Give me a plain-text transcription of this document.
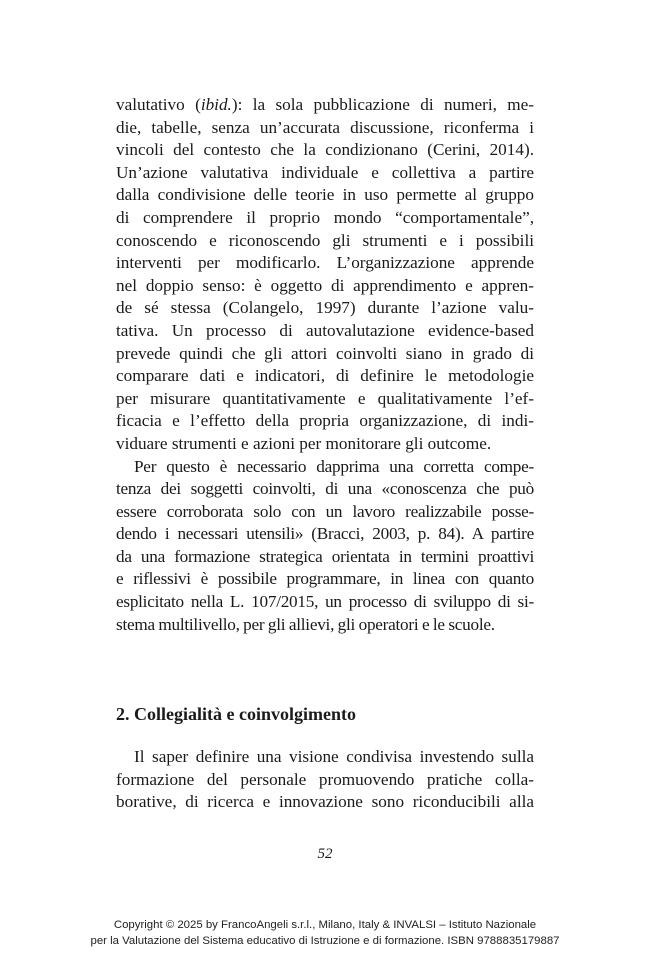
valutativo (ibid.): la sola pubblicazione di numeri, me-
die, tabelle, senza un’accurata discussione, riconferma i
vincoli del contesto che la condizionano (Cerini, 2014).
Un’azione valutativa individuale e collettiva a partire
dalla condivisione delle teorie in uso permette al gruppo
di comprendere il proprio mondo “comportamentale”,
conoscendo e riconoscendo gli strumenti e i possibili
interventi per modificarlo. L’organizzazione apprende
nel doppio senso: è oggetto di apprendimento e appren-
de sé stessa (Colangelo, 1997) durante l’azione valu-
tativa. Un processo di autovalutazione evidence-based
prevede quindi che gli attori coinvolti siano in grado di
comparare dati e indicatori, di definire le metodologie
per misurare quantitativamente e qualitativamente l’ef-
ficacia e l’effetto della propria organizzazione, di indi-
viduare strumenti e azioni per monitorare gli outcome.

Per questo è necessario dapprima una corretta compe-
tenza dei soggetti coinvolti, di una «conoscenza che può
essere corroborata solo con un lavoro realizzabile posse-
dendo i necessari utensili» (Bracci, 2003, p. 84). A partire
da una formazione strategica orientata in termini proattivi
e riflessivi è possibile programmare, in linea con quanto
esplicitato nella L. 107/2015, un processo di sviluppo di si-
stema multilivello, per gli allievi, gli operatori e le scuole.

2. Collegialità e coinvolgimento

Il saper definire una visione condivisa investendo sulla
formazione del personale promuovendo pratiche colla-
borative, di ricerca e innovazione sono riconducibili alla

52
Copyright © 2025 by FrancoAngeli s.r.l., Milano, Italy & INVALSI – Istituto Nazionale
per la Valutazione del Sistema educativo di Istruzione e di formazione. ISBN 9788835179887
